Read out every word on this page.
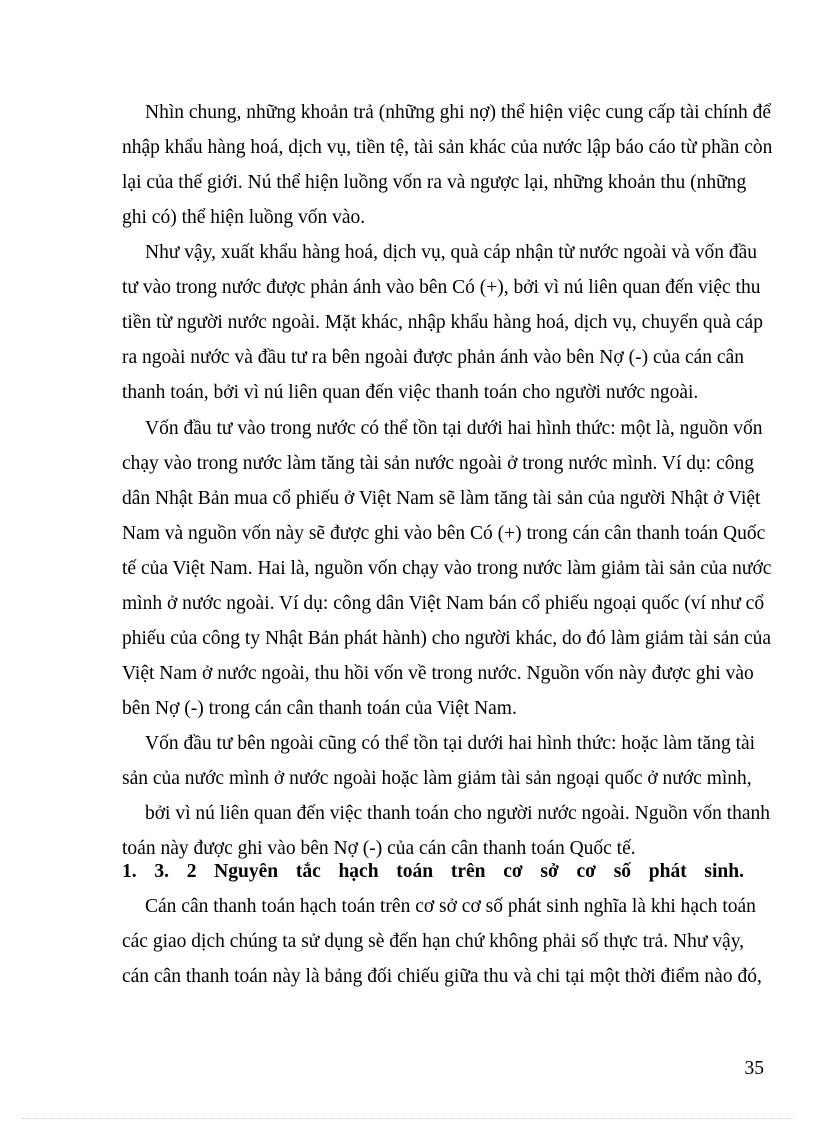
Nhìn chung, những khoản trả (những ghi nợ) thể hiện việc cung cấp tài chính để
nhập khẩu hàng hoá, dịch vụ, tiền tệ, tài sản khác của nước lập báo cáo từ phần còn
lại của thế giới. Nú thể hiện luồng vốn ra và ngược lại, những khoản thu (những
ghi có) thể hiện luồng vốn vào.
Như vậy, xuất khẩu hàng hoá, dịch vụ, quà cáp nhận từ nước ngoài và vốn đầu
tư vào trong nước được phản ánh vào bên Có (+), bởi vì nú liên quan đến việc thu
tiền từ người nước ngoài. Mặt khác, nhập khẩu hàng hoá, dịch vụ, chuyển quà cáp
ra ngoài nước và đầu tư ra bên ngoài được phản ánh vào bên Nợ (-) của cán cân
thanh toán, bởi vì nú liên quan đến việc thanh toán cho người nước ngoài.
Vốn đầu tư vào trong nước có thể tồn tại dưới hai hình thức: một là, nguồn vốn
chạy vào trong nước làm tăng tài sản nước ngoài ở trong nước mình. Ví dụ: công
dân Nhật Bản mua cổ phiếu ở Việt Nam sẽ làm tăng tài sản của người Nhật ở Việt
Nam và nguồn vốn này sẽ được ghi vào bên Có (+) trong cán cân thanh toán Quốc
tế của Việt Nam. Hai là, nguồn vốn chạy vào trong nước làm giảm tài sản của nước
mình ở nước ngoài. Ví dụ: công dân Việt Nam bán cổ phiếu ngoại quốc (ví như cổ
phiếu của công ty Nhật Bản phát hành) cho người khác, do đó làm giảm tài sản của
Việt Nam ở nước ngoài, thu hồi vốn về trong nước. Nguồn vốn này được ghi vào
bên Nợ (-) trong cán cân thanh toán của Việt Nam.
Vốn đầu tư bên ngoài cũng có thể tồn tại dưới hai hình thức: hoặc làm tăng tài
sản của nước mình ở nước ngoài hoặc làm giảm tài sản ngoại quốc ở nước mình,
bởi vì nú liên quan đến việc thanh toán cho người nước ngoài. Nguồn vốn thanh
toán này được ghi vào bên Nợ (-) của cán cân thanh toán Quốc tế.
1. 3. 2 Nguyên tắc hạch toán trên cơ sở cơ số phát sinh.
Cán cân thanh toán hạch toán trên cơ sở cơ số phát sinh nghĩa là khi hạch toán
các giao dịch chúng ta sử dụng sè đến hạn chứ không phải số thực trả. Như vậy,
cán cân thanh toán này là bảng đối chiếu giữa thu và chi tại một thời điểm nào đó,
35
